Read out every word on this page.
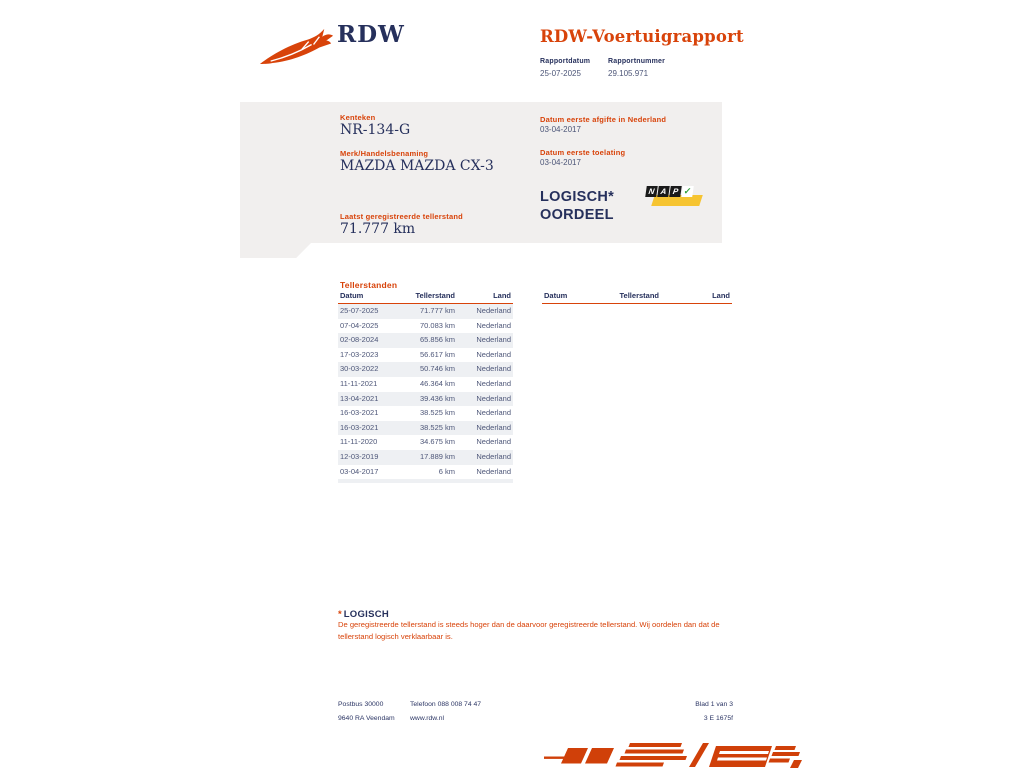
RDW	RDW-Voertuigrapport
Rapportdatum	Rapportnummer
25-07-2025	29.105.971
Kenteken
NR-134-G
Merk/Handelsbenaming
MAZDA MAZDA CX-3
Laatst geregistreerde tellerstand
71.777 km
Datum eerste afgifte in Nederland
03-04-2017
Datum eerste toelating
03-04-2017
LOGISCH*
OORDEEL
N A P ✓
Tellerstanden
Datum	Tellerstand	Land
25-07-2025	71.777 km	Nederland
07-04-2025	70.083 km	Nederland
02-08-2024	65.856 km	Nederland
17-03-2023	56.617 km	Nederland
30-03-2022	50.746 km	Nederland
11-11-2021	46.364 km	Nederland
13-04-2021	39.436 km	Nederland
16-03-2021	38.525 km	Nederland
16-03-2021	38.525 km	Nederland
11-11-2020	34.675 km	Nederland
12-03-2019	17.889 km	Nederland
03-04-2017	6 km	Nederland
Datum	Tellerstand	Land
* LOGISCH
De geregistreerde tellerstand is steeds hoger dan de daarvoor geregistreerde tellerstand. Wij oordelen dan dat de tellerstand logisch verklaarbaar is.
Postbus 30000
9640 RA Veendam
Telefoon 088 008 74 47
www.rdw.nl
Blad 1 van 3
3 E 1675f
